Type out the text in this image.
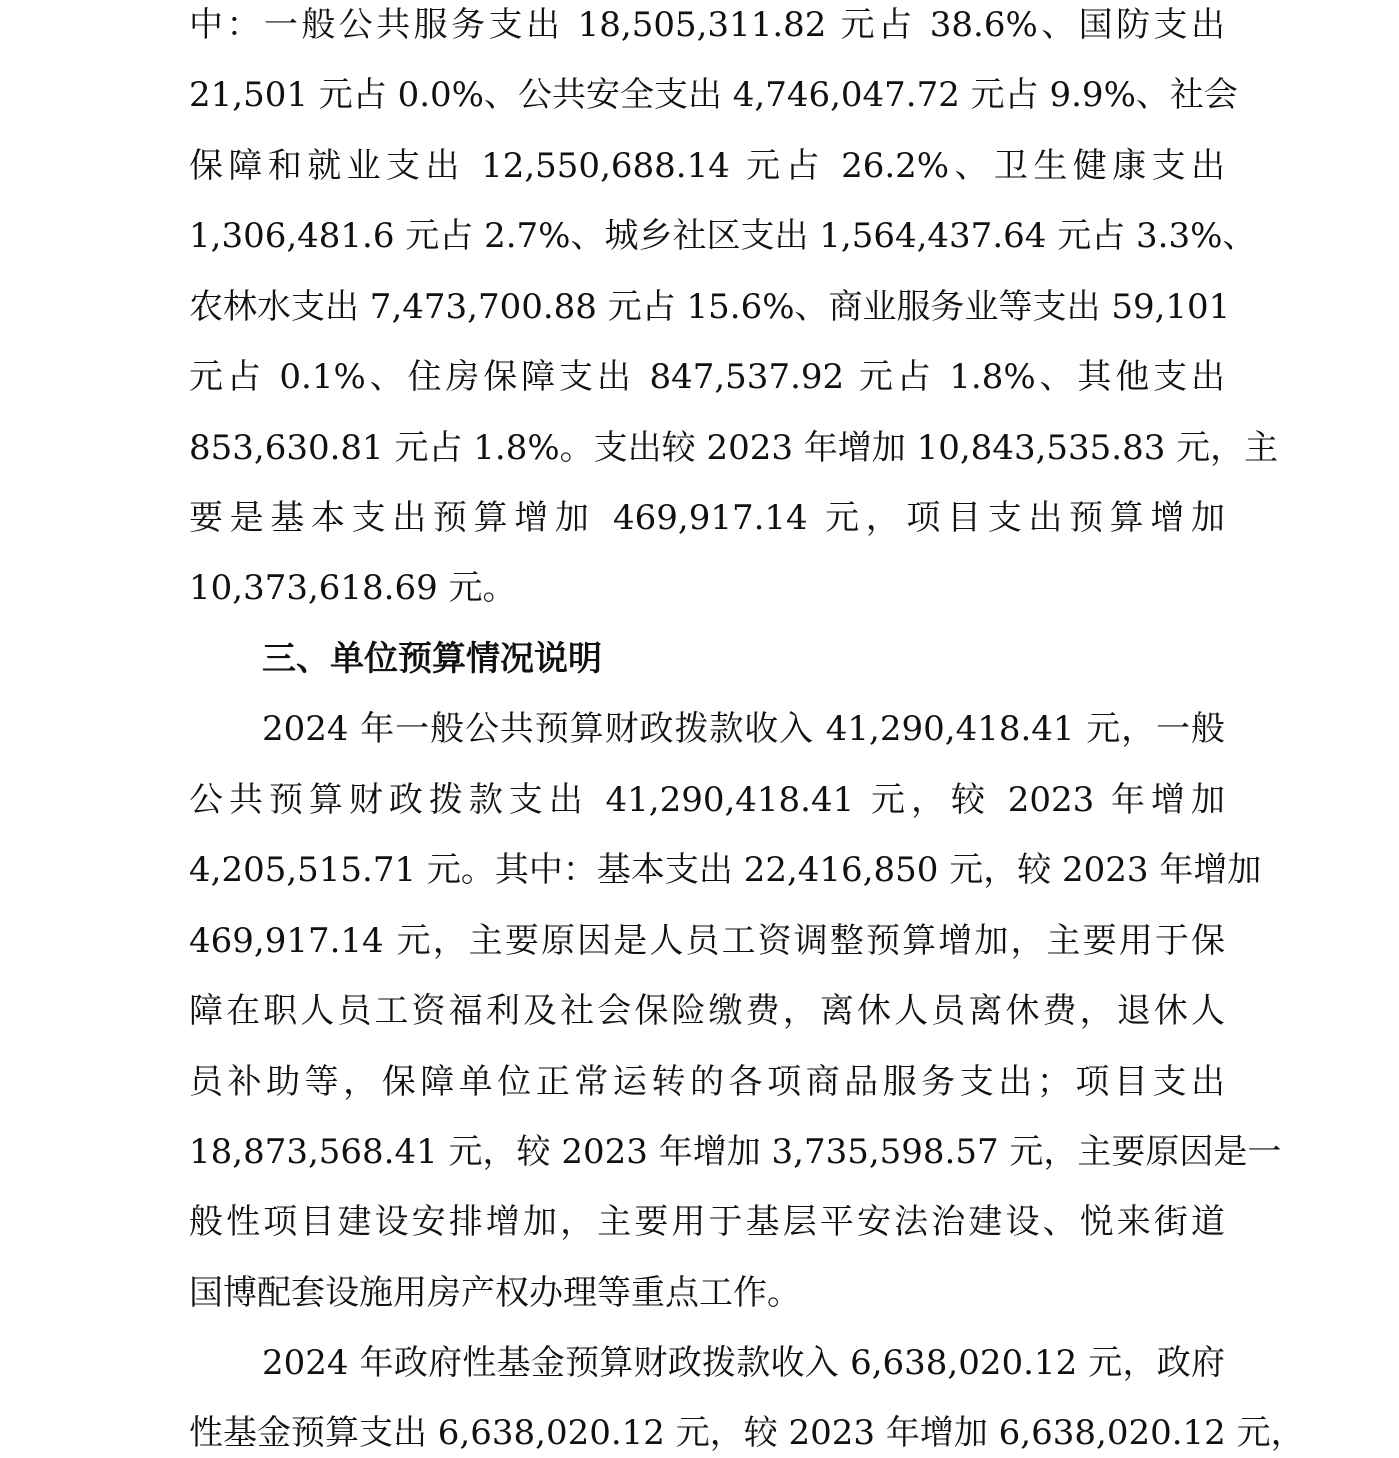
中：一般公共服务支出 18,505,311.82 元占 38.6%、国防支出
21,501 元占 0.0%、公共安全支出 4,746,047.72 元占 9.9%、社会
保障和就业支出 12,550,688.14 元占 26.2%、卫生健康支出
1,306,481.6 元占 2.7%、城乡社区支出 1,564,437.64 元占 3.3%、
农林水支出 7,473,700.88 元占 15.6%、商业服务业等支出 59,101
元占 0.1%、住房保障支出 847,537.92 元占 1.8%、其他支出
853,630.81 元占 1.8%。支出较 2023 年增加 10,843,535.83 元，主
要是基本支出预算增加 469,917.14 元，项目支出预算增加
10,373,618.69 元。
三、单位预算情况说明
2024 年一般公共预算财政拨款收入 41,290,418.41 元，一般
公共预算财政拨款支出 41,290,418.41 元，较 2023 年增加
4,205,515.71 元。其中：基本支出 22,416,850 元，较 2023 年增加
469,917.14 元，主要原因是人员工资调整预算增加，主要用于保
障在职人员工资福利及社会保险缴费，离休人员离休费，退休人
员补助等，保障单位正常运转的各项商品服务支出；项目支出
18,873,568.41 元，较 2023 年增加 3,735,598.57 元，主要原因是一
般性项目建设安排增加，主要用于基层平安法治建设、悦来街道
国博配套设施用房产权办理等重点工作。
2024 年政府性基金预算财政拨款收入 6,638,020.12 元，政府
性基金预算支出 6,638,020.12 元，较 2023 年增加 6,638,020.12 元，
